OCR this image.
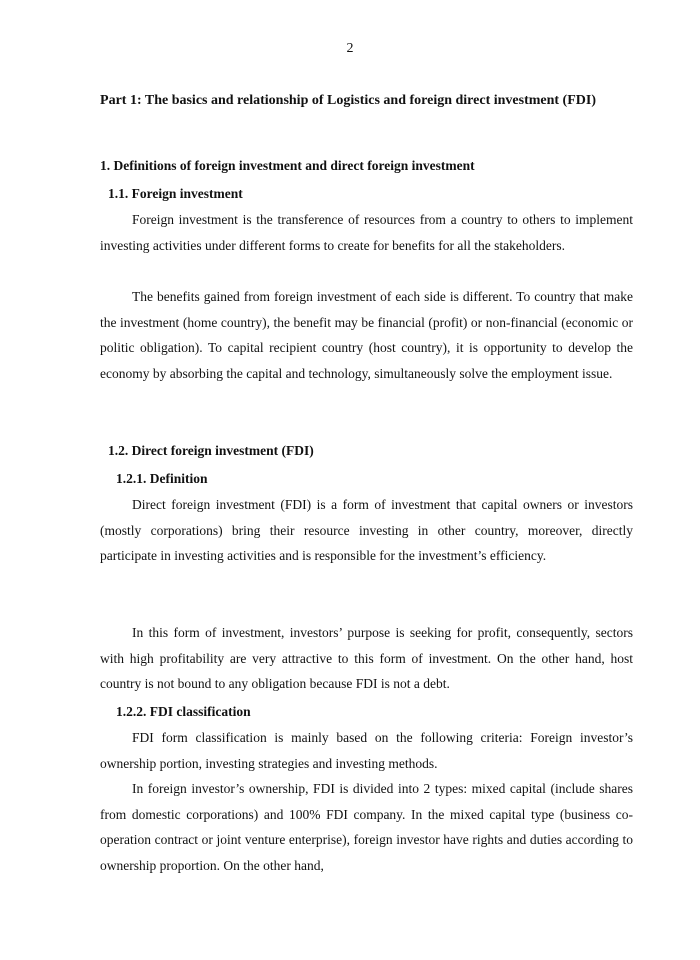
2
Part 1: The basics and relationship of Logistics and foreign direct investment (FDI)
1. Definitions of foreign investment and direct foreign investment
1.1. Foreign investment
Foreign investment is the transference of resources from a country to others to implement investing activities under different forms to create for benefits for all the stakeholders.
The benefits gained from foreign investment of each side is different. To country that make the investment (home country), the benefit may be financial (profit) or non-financial (economic or politic obligation). To capital recipient country (host country), it is opportunity to develop the economy by absorbing the capital and technology, simultaneously solve the employment issue.
1.2. Direct foreign investment (FDI)
1.2.1. Definition
Direct foreign investment (FDI) is a form of investment that capital owners or investors (mostly corporations) bring their resource investing in other country, moreover, directly participate in investing activities and is responsible for the investment’s efficiency.
In this form of investment, investors’ purpose is seeking for profit, consequently, sectors with high profitability are very attractive to this form of investment. On the other hand, host country is not bound to any obligation because FDI is not a debt.
1.2.2. FDI classification
FDI form classification is mainly based on the following criteria: Foreign investor’s ownership portion, investing strategies and investing methods.
In foreign investor’s ownership, FDI is divided into 2 types: mixed capital (include shares from domestic corporations) and 100% FDI company. In the mixed capital type (business co-operation contract or joint venture enterprise), foreign investor have rights and duties according to ownership proportion. On the other hand,
